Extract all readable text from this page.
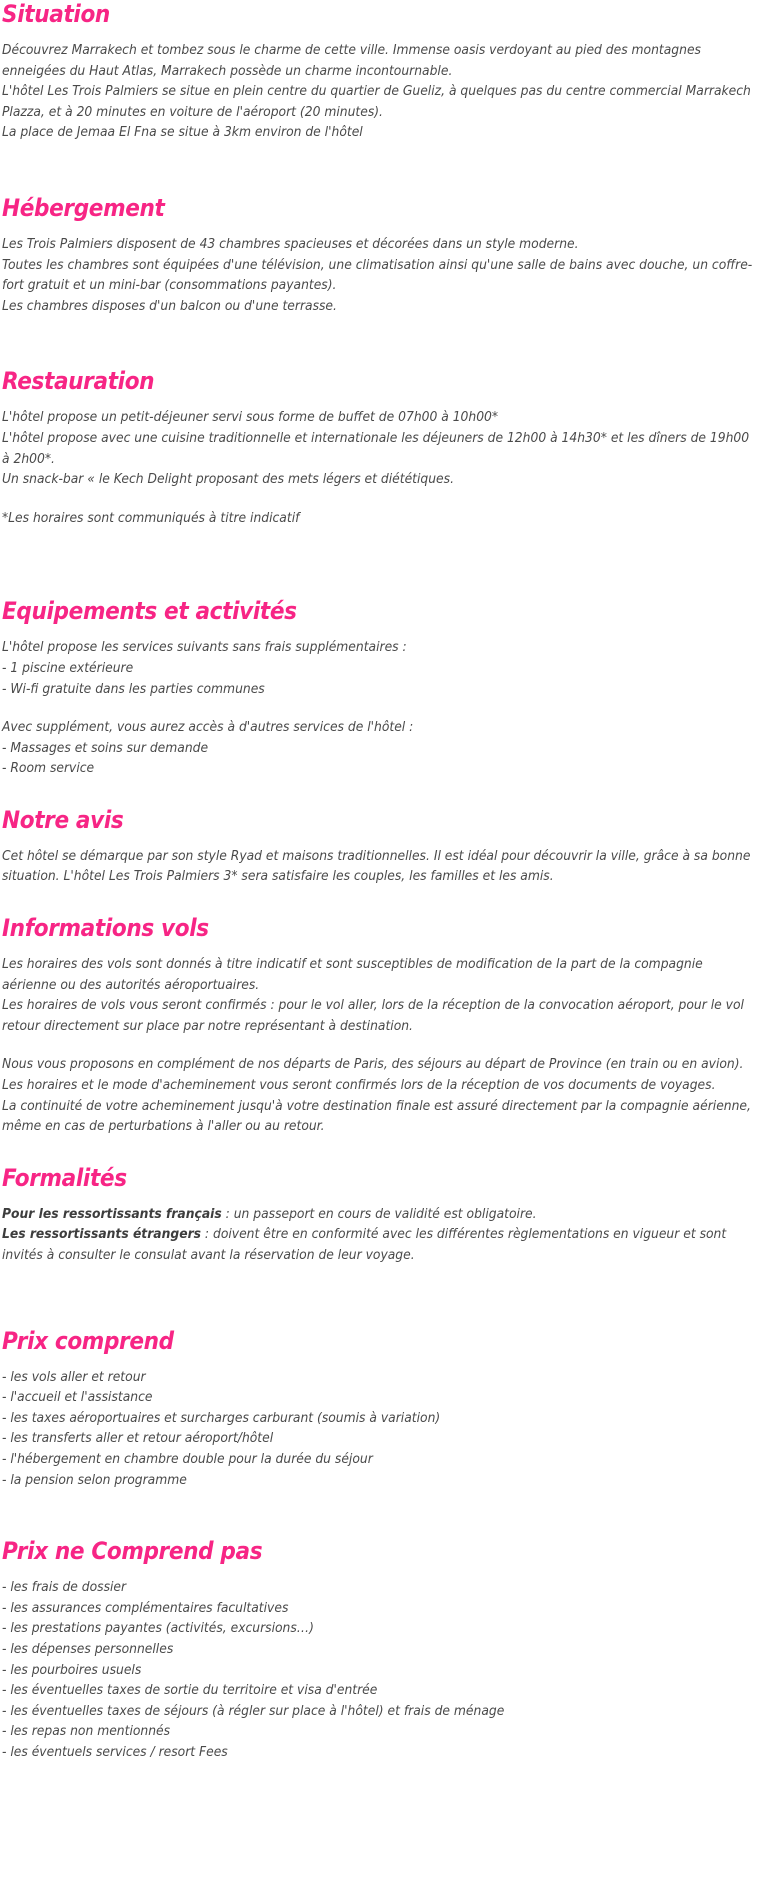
Situation

Découvrez Marrakech et tombez sous le charme de cette ville. Immense oasis verdoyant au pied des montagnes enneigées du Haut Atlas, Marrakech possède un charme incontournable.

L'hôtel Les Trois Palmiers se situe en plein centre du quartier de Gueliz, à quelques pas du centre commercial Marrakech Plazza, et à 20 minutes en voiture de l'aéroport (20 minutes).

La place de Jemaa El Fna se situe à 3km environ de l'hôtel

Hébergement

Les Trois Palmiers disposent de 43 chambres spacieuses et décorées dans un style moderne.

Toutes les chambres sont équipées d'une télévision, une climatisation ainsi qu'une salle de bains avec douche, un coffre-fort gratuit et un mini-bar (consommations payantes).

Les chambres disposes d'un balcon ou d'une terrasse.

Restauration

L'hôtel propose un petit-déjeuner servi sous forme de buffet de 07h00 à 10h00*

L'hôtel propose avec une cuisine traditionnelle et internationale les déjeuners de 12h00 à 14h30* et les dîners de 19h00 à 2h00*.

Un snack-bar « le Kech Delight proposant des mets légers et diététiques.

*Les horaires sont communiqués à titre indicatif

Equipements et activités

L'hôtel propose les services suivants sans frais supplémentaires :

- 1 piscine extérieure
- Wi-fi gratuite dans les parties communes

Avec supplément, vous aurez accès à d'autres services de l'hôtel :

- Massages et soins sur demande
- Room service
Notre avis

Cet hôtel se démarque par son style Ryad et maisons traditionnelles. Il est idéal pour découvrir la ville, grâce à sa bonne situation. L'hôtel Les Trois Palmiers 3* sera satisfaire les couples, les familles et les amis.

Informations vols

Les horaires des vols sont donnés à titre indicatif et sont susceptibles de modification de la part de la compagnie aérienne ou des autorités aéroportuaires.

Les horaires de vols vous seront confirmés : pour le vol aller, lors de la réception de la convocation aéroport, pour le vol retour directement sur place par notre représentant à destination.

Nous vous proposons en complément de nos départs de Paris, des séjours au départ de Province (en train ou en avion).

Les horaires et le mode d'acheminement vous seront confirmés lors de la réception de vos documents de voyages.

La continuité de votre acheminement jusqu'à votre destination finale est assuré directement par la compagnie aérienne, même en cas de perturbations à l'aller ou au retour.

Formalités

Pour les ressortissants français : un passeport en cours de validité est obligatoire.

Les ressortissants étrangers : doivent être en conformité avec les différentes règlementations en vigueur et sont invités à consulter le consulat avant la réservation de leur voyage.

Prix comprend
- les vols aller et retour
- l'accueil et l'assistance
- les taxes aéroportuaires et surcharges carburant (soumis à variation)
- les transferts aller et retour aéroport/hôtel
- l'hébergement en chambre double pour la durée du séjour
- la pension selon programme
Prix ne Comprend pas
- les frais de dossier
- les assurances complémentaires facultatives
- les prestations payantes (activités, excursions…)
- les dépenses personnelles
- les pourboires usuels
- les éventuelles taxes de sortie du territoire et visa d'entrée
- les éventuelles taxes de séjours (à régler sur place à l'hôtel) et frais de ménage
- les repas non mentionnés
- les éventuels services / resort Fees
